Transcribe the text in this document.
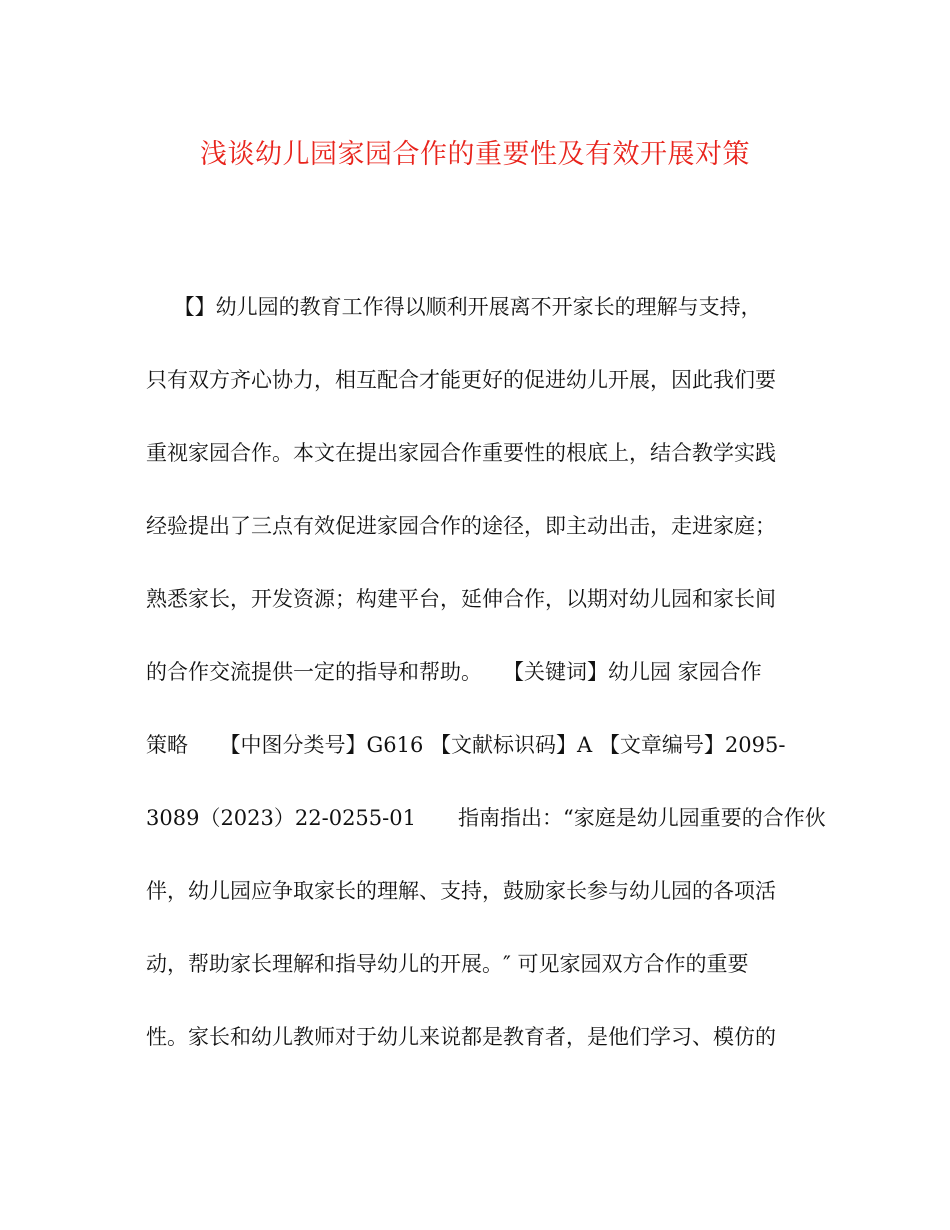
浅谈幼儿园家园合作的重要性及有效开展对策

　 【】幼儿园的教育工作得以顺利开展离不开家长的理解与支持，

只有双方齐心协力，相互配合才能更好的促进幼儿开展，因此我们要

重视家园合作。本文在提出家园合作重要性的根底上，结合教学实践

经验提出了三点有效促进家园合作的途径，即主动出击，走进家庭；

熟悉家长，开发资源；构建平台，延伸合作，以期对幼儿园和家长间

的合作交流提供一定的指导和帮助。　　【关键词】幼儿园 家园合作

策略　　【中图分类号】G616 【文献标识码】A 【文章编号】2095-

3089（2023）22-0255-01　　指南指出：“家庭是幼儿园重要的合作伙

伴，幼儿园应争取家长的理解、支持，鼓励家长参与幼儿园的各项活

动，帮助家长理解和指导幼儿的开展。″ 可见家园双方合作的重要

性。家长和幼儿教师对于幼儿来说都是教育者，是他们学习、模仿的
